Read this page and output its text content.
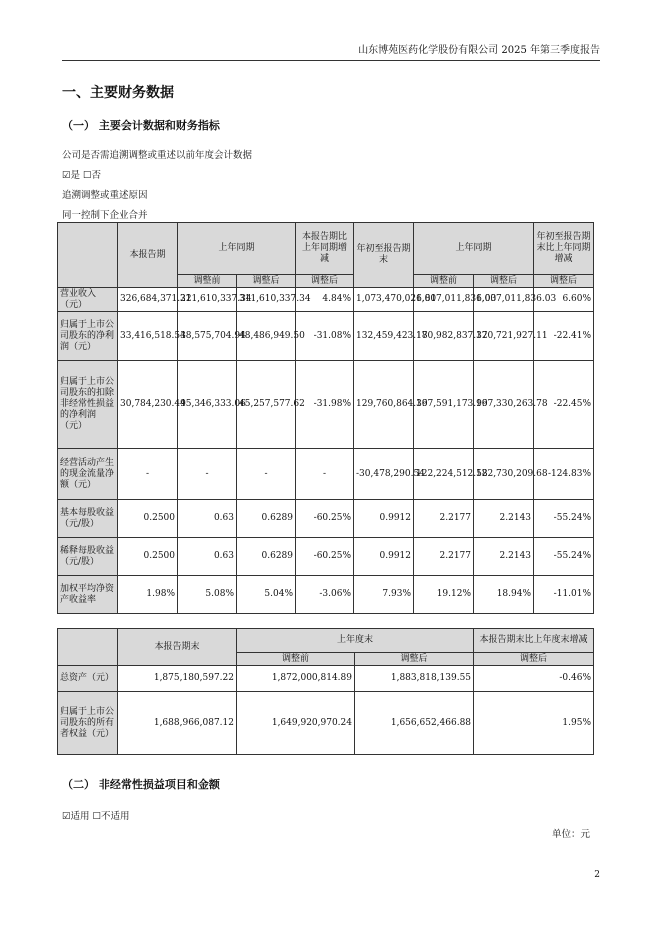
山东博苑医药化学股份有限公司 2025 年第三季度报告
一、主要财务数据
（一） 主要会计数据和财务指标
公司是否需追溯调整或重述以前年度会计数据
☑是 ☐否
追溯调整或重述原因
同一控制下企业合并
	本报告期	上年同期		本报告期比上年同期增减	年初至报告期末	上年同期		年初至报告期末比上年同期增减
		调整前	调整后	调整后		调整前	调整后	调整后
营业收入（元）	326,684,371.22	311,610,337.34	311,610,337.34	4.84%	1,073,470,026.81	1,007,011,836.03	1,007,011,836.03	6.60%
归属于上市公司股东的净利润（元）	33,416,518.53	48,575,704.94	48,486,949.50	-31.08%	132,459,423.18	170,982,837.32	170,721,927.11	-22.41%
归属于上市公司股东的扣除非经常性损益的净利润（元）	30,784,230.49	45,346,333.06	45,257,577.62	-31.98%	129,760,864.39	167,591,173.99	167,330,263.78	-22.45%
经营活动产生的现金流量净额（元）	-	-	-	-	-30,478,290.54	122,224,512.58	122,730,209.68	-124.83%
基本每股收益（元/股）	0.2500	0.63	0.6289	-60.25%	0.9912	2.2177	2.2143	-55.24%
稀释每股收益（元/股）	0.2500	0.63	0.6289	-60.25%	0.9912	2.2177	2.2143	-55.24%
加权平均净资产收益率	1.98%	5.08%	5.04%	-3.06%	7.93%	19.12%	18.94%	-11.01%
	本报告期末	上年度末		本报告期末比上年度末增减
		调整前	调整后	调整后
总资产（元）	1,875,180,597.22	1,872,000,814.89	1,883,818,139.55	-0.46%
归属于上市公司股东的所有者权益（元）	1,688,966,087.12	1,649,920,970.24	1,656,652,466.88	1.95%
（二） 非经常性损益项目和金额
☑适用 ☐不适用
单位：元
2
